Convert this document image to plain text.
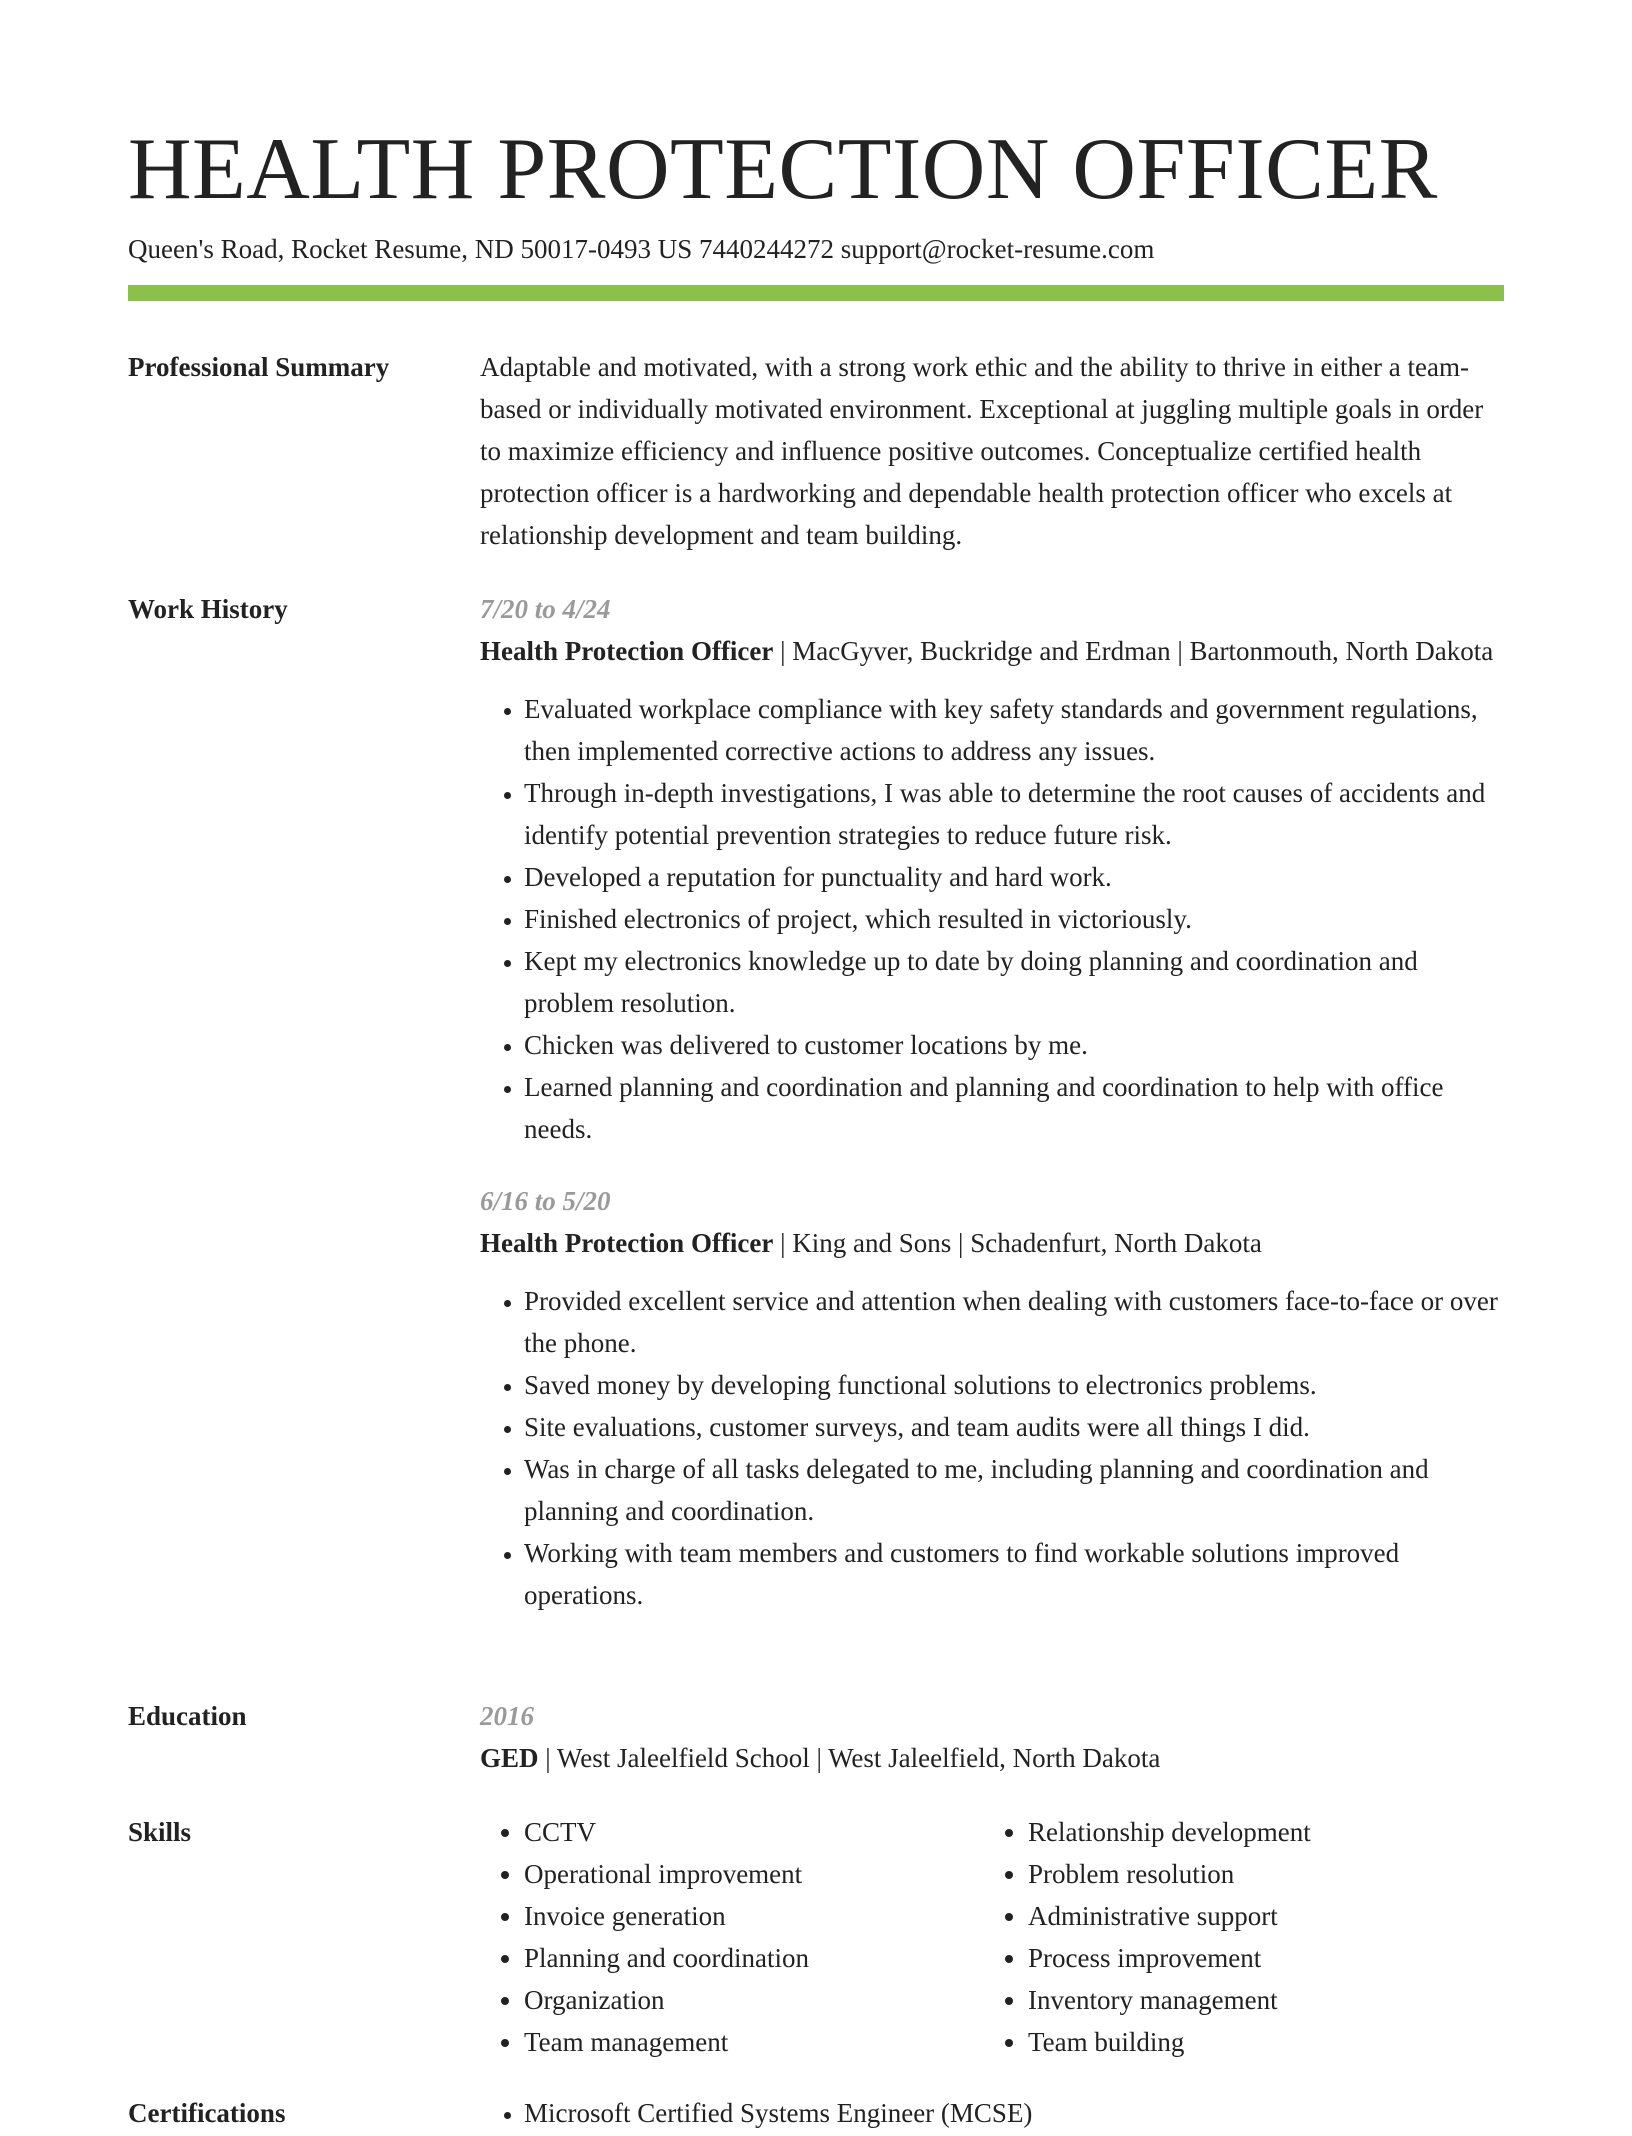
HEALTH PROTECTION OFFICER
Queen's Road, Rocket Resume, ND 50017-0493 US 7440244272 support@rocket-resume.com
Professional Summary	Adaptable and motivated, with a strong work ethic and the ability to thrive in either a team-based or individually motivated environment. Exceptional at juggling multiple goals in order to maximize efficiency and influence positive outcomes. Conceptualize certified health protection officer is a hardworking and dependable health protection officer who excels at relationship development and team building.

Work History	7/20 to 4/24
Health Protection Officer | MacGyver, Buckridge and Erdman | Bartonmouth, North Dakota
• Evaluated workplace compliance with key safety standards and government regulations, then implemented corrective actions to address any issues.
• Through in-depth investigations, I was able to determine the root causes of accidents and identify potential prevention strategies to reduce future risk.
• Developed a reputation for punctuality and hard work.
• Finished electronics of project, which resulted in victoriously.
• Kept my electronics knowledge up to date by doing planning and coordination and problem resolution.
• Chicken was delivered to customer locations by me.
• Learned planning and coordination and planning and coordination to help with office needs.
6/16 to 5/20
Health Protection Officer | King and Sons | Schadenfurt, North Dakota
• Provided excellent service and attention when dealing with customers face-to-face or over the phone.
• Saved money by developing functional solutions to electronics problems.
• Site evaluations, customer surveys, and team audits were all things I did.
• Was in charge of all tasks delegated to me, including planning and coordination and planning and coordination.
• Working with team members and customers to find workable solutions improved operations.
Education	2016
GED | West Jaleelfield School | West Jaleelfield, North Dakota
Skills	• CCTV
• Operational improvement
• Invoice generation
• Planning and coordination
• Organization
• Team management
• Relationship development
• Problem resolution
• Administrative support
• Process improvement
• Inventory management
• Team building
Certifications	• Microsoft Certified Systems Engineer (MCSE)
